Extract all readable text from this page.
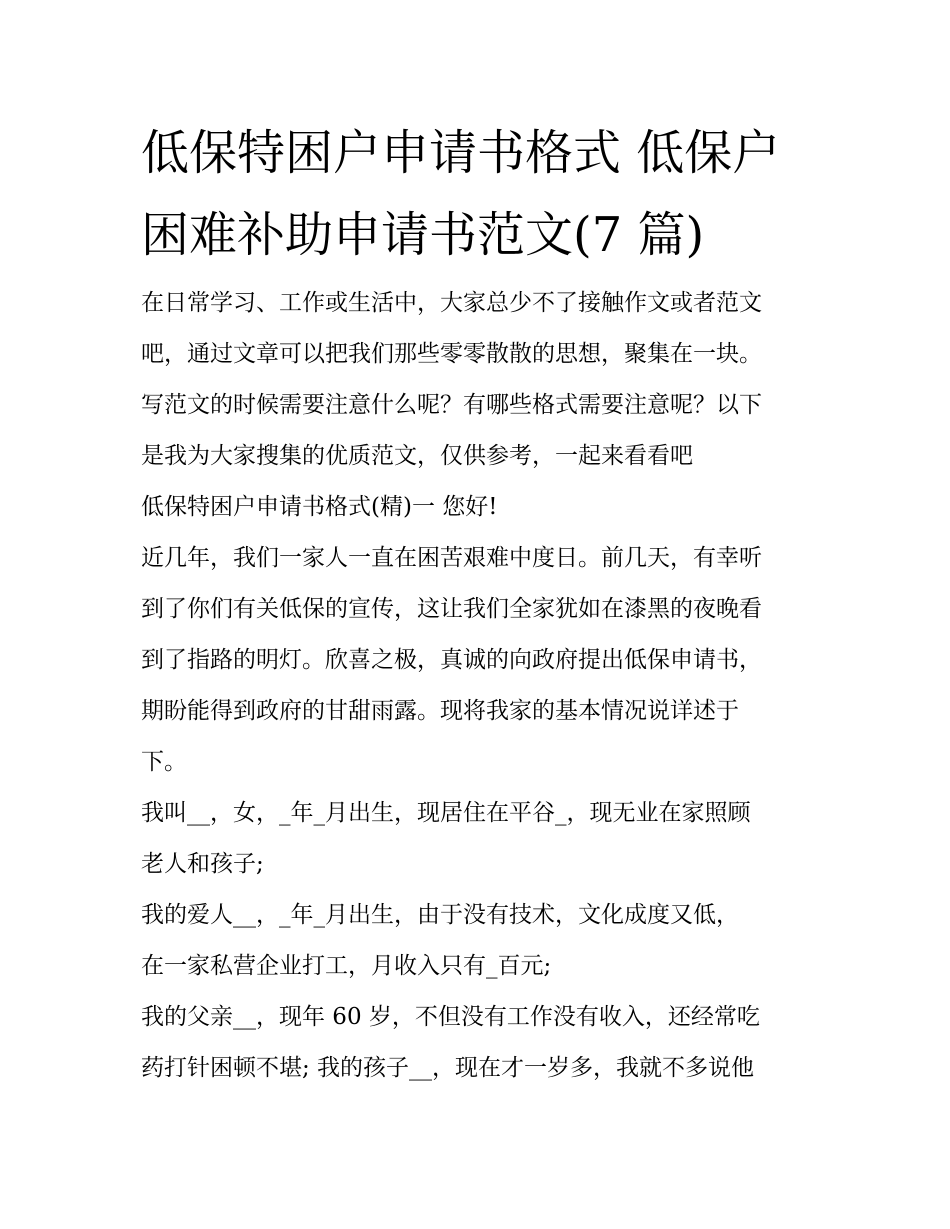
低保特困户申请书格式 低保户
困难补助申请书范文(7 篇)
在日常学习、工作或生活中，大家总少不了接触作文或者范文
吧，通过文章可以把我们那些零零散散的思想，聚集在一块。
写范文的时候需要注意什么呢？有哪些格式需要注意呢？以下
是我为大家搜集的优质范文，仅供参考，一起来看看吧
低保特困户申请书格式(精)一 您好!
近几年，我们一家人一直在困苦艰难中度日。前几天，有幸听
到了你们有关低保的宣传，这让我们全家犹如在漆黑的夜晚看
到了指路的明灯。欣喜之极，真诚的向政府提出低保申请书，
期盼能得到政府的甘甜雨露。现将我家的基本情况说详述于
下。
我叫__，女，_年_月出生，现居住在平谷_，现无业在家照顾
老人和孩子;
我的爱人__，_年_月出生，由于没有技术，文化成度又低，
在一家私营企业打工，月收入只有_百元;
我的父亲__，现年 60 岁，不但没有工作没有收入，还经常吃
药打针困顿不堪; 我的孩子__，现在才一岁多，我就不多说他
